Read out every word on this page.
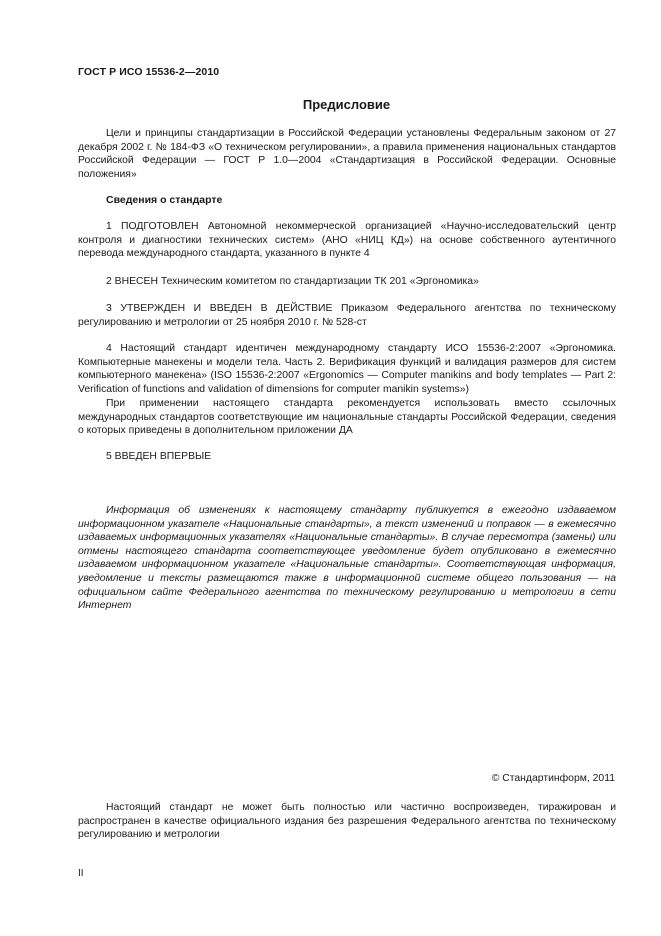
ГОСТ Р ИСО 15536-2—2010
Предисловие

Цели и принципы стандартизации в Российской Федерации установлены Федеральным законом от 27 декабря 2002 г. № 184-ФЗ «О техническом регулировании», а правила применения национальных стандартов Российской Федерации — ГОСТ Р 1.0—2004 «Стандартизация в Российской Федерации. Основные положения»

Сведения о стандарте

1 ПОДГОТОВЛЕН Автономной некоммерческой организацией «Научно-исследовательский центр контроля и диагностики технических систем» (АНО «НИЦ КД») на основе собственного аутентичного перевода международного стандарта, указанного в пункте 4

2 ВНЕСЕН Техническим комитетом по стандартизации ТК 201 «Эргономика»

3 УТВЕРЖДЕН И ВВЕДЕН В ДЕЙСТВИЕ Приказом Федерального агентства по техническому регулированию и метрологии от 25 ноября 2010 г. № 528-ст

4 Настоящий стандарт идентичен международному стандарту ИСО 15536-2:2007 «Эргономика. Компьютерные манекены и модели тела. Часть 2. Верификация функций и валидация размеров для систем компьютерного манекена» (ISO 15536-2:2007 «Ergonomics — Computer manikins and body templates — Part 2: Verification of functions and validation of dimensions for computer manikin systems»)

При применении настоящего стандарта рекомендуется использовать вместо ссылочных международных стандартов соответствующие им национальные стандарты Российской Федерации, сведения о которых приведены в дополнительном приложении ДА

5 ВВЕДЕН ВПЕРВЫЕ

Информация об изменениях к настоящему стандарту публикуется в ежегодно издаваемом информационном указателе «Национальные стандарты», а текст изменений и поправок — в ежемесячно издаваемых информационных указателях «Национальные стандарты». В случае пересмотра (замены) или отмены настоящего стандарта соответствующее уведомление будет опубликовано в ежемесячно издаваемом информационном указателе «Национальные стандарты». Соответствующая информация, уведомление и тексты размещаются также в информационной системе общего пользования — на официальном сайте Федерального агентства по техническому регулированию и метрологии в сети Интернет

© Стандартинформ, 2011

Настоящий стандарт не может быть полностью или частично воспроизведен, тиражирован и распространен в качестве официального издания без разрешения Федерального агентства по техническому регулированию и метрологии

II
